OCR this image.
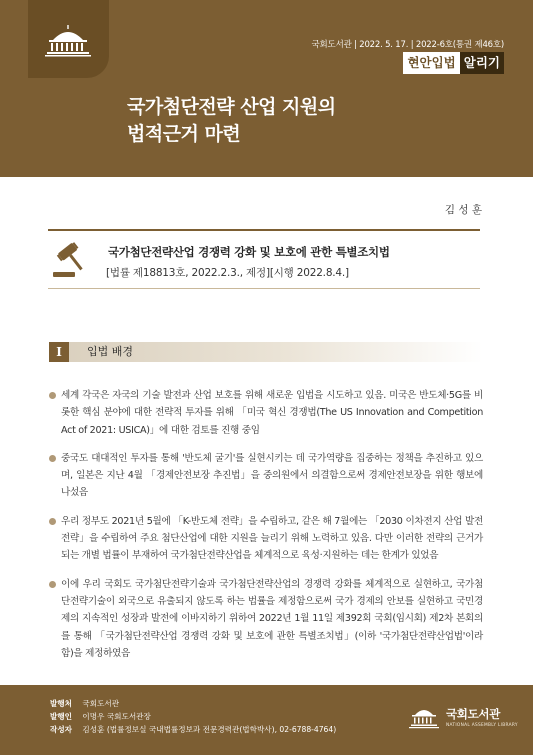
국회도서관 | 2022. 5. 17. | 2022-6호(통권 제46호)
현안입법 알리기
국가첨단전략 산업 지원의
법적근거 마련
김 성 훈
국가첨단전략산업 경쟁력 강화 및 보호에 관한 특별조치법
[법률 제18813호, 2022.2.3., 제정][시행 2022.8.4.]
I	입법 배경
세계 각국은 자국의 기술 발전과 산업 보호를 위해 새로운 입법을 시도하고 있음. 미국은 반도체·5G를 비롯한 핵심 분야에 대한 전략적 투자를 위해 「미국 혁신 경쟁법(The US Innovation and Competition Act of 2021: USICA)」에 대한 검토를 진행 중임
중국도 대대적인 투자를 통해 '반도체 굴기'를 실현시키는 데 국가역량을 집중하는 정책을 추진하고 있으며, 일본은 지난 4월 「경제안전보장 추진법」을 중의원에서 의결함으로써 경제안전보장을 위한 행보에 나섰음
우리 정부도 2021년 5월에 「K-반도체 전략」을 수립하고, 같은 해 7월에는 「2030 이차전지 산업 발전전략」을 수립하여 주요 첨단산업에 대한 지원을 늘리기 위해 노력하고 있음. 다만 이러한 전략의 근거가 되는 개별 법률이 부재하여 국가첨단전략산업을 체계적으로 육성·지원하는 데는 한계가 있었음
이에 우리 국회도 국가첨단전략기술과 국가첨단전략산업의 경쟁력 강화를 체계적으로 실현하고, 국가첨단전략기술이 외국으로 유출되지 않도록 하는 법률을 제정함으로써 국가 경제의 안보를 실현하고 국민경제의 지속적인 성장과 발전에 이바지하기 위하여 2022년 1월 11일 제392회 국회(임시회) 제2차 본회의를 통해 「국가첨단전략산업 경쟁력 강화 및 보호에 관한 특별조치법」(이하 '국가첨단전략산업법'이라 함)을 제정하였음
발행처 국회도서관
발행인 이명우 국회도서관장
작성자 김성훈 (법률정보실 국내법률정보과 전문경력관(법학박사), 02-6788-4764)
국회도서관
NATIONAL ASSEMBLY LIBRARY
